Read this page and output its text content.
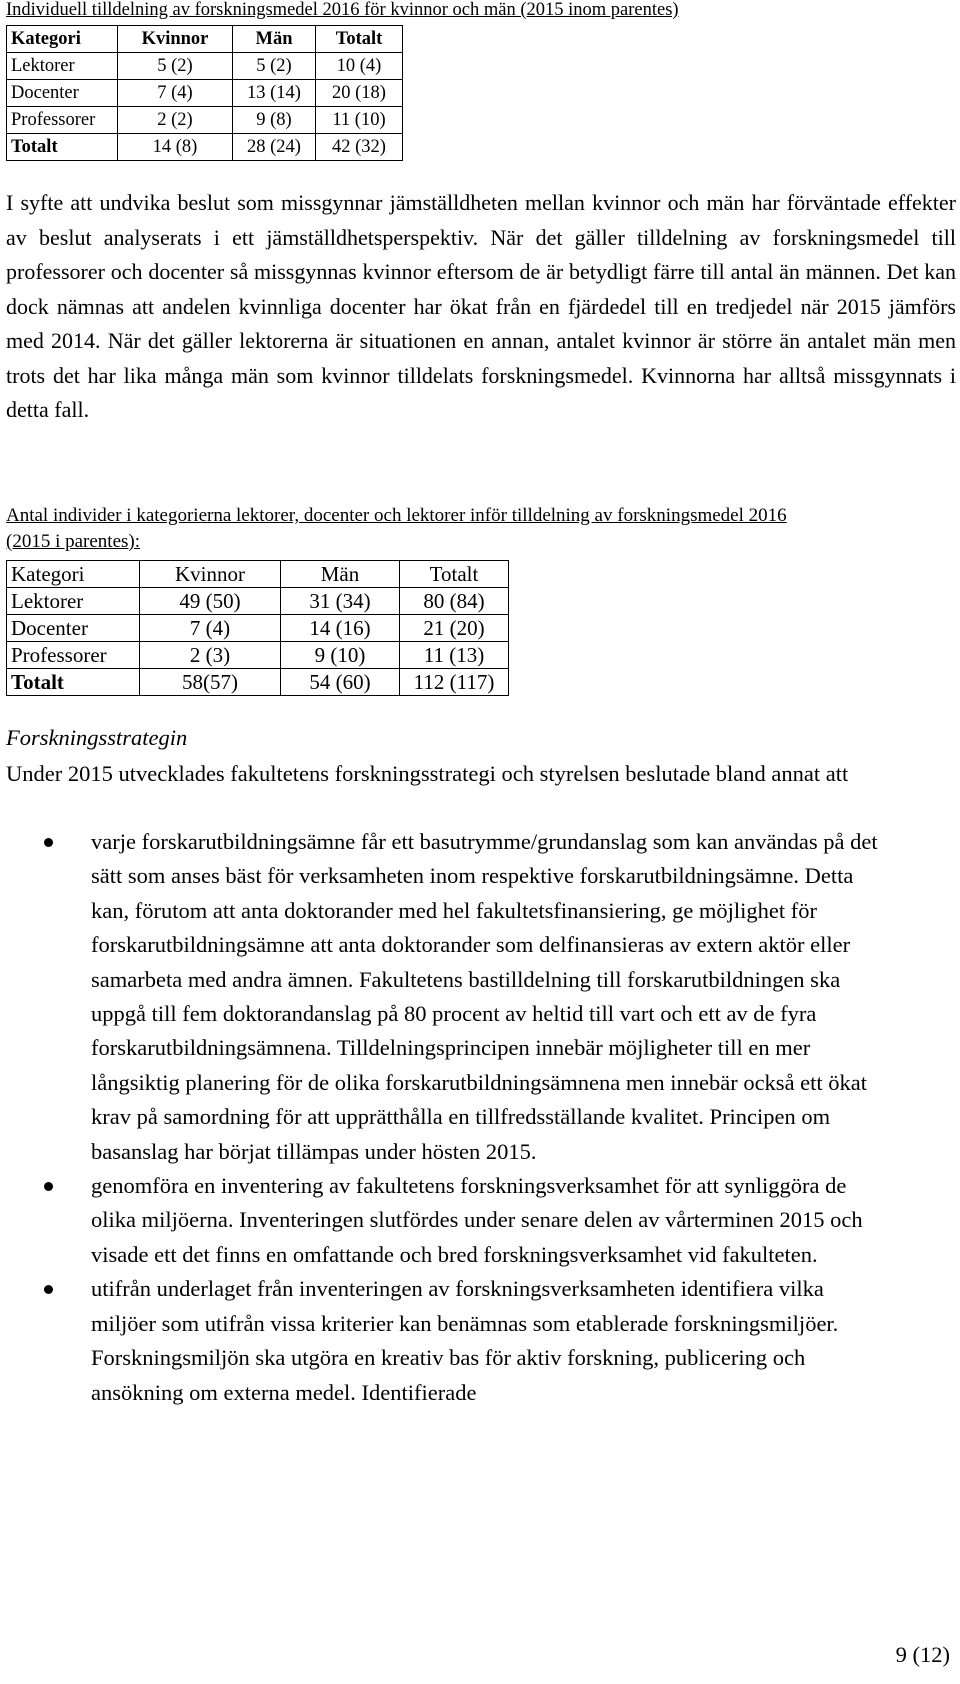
Individuell tilldelning av forskningsmedel 2016 för kvinnor och män (2015 inom parentes)
Kategori	Kvinnor	Män	Totalt
Lektorer	5 (2)	5 (2)	10 (4)
Docenter	7 (4)	13 (14)	20 (18)
Professorer	2 (2)	9 (8)	11 (10)
Totalt	14 (8)	28 (24)	42 (32)
I syfte att undvika beslut som missgynnar jämställdheten mellan kvinnor och män har förväntade effekter av beslut analyserats i ett jämställdhetsperspektiv. När det gäller tilldelning av forskningsmedel till professorer och docenter så missgynnas kvinnor eftersom de är betydligt färre till antal än männen. Det kan dock nämnas att andelen kvinnliga docenter har ökat från en fjärdedel till en tredjedel när 2015 jämförs med 2014. När det gäller lektorerna är situationen en annan, antalet kvinnor är större än antalet män men trots det har lika många män som kvinnor tilldelats forskningsmedel. Kvinnorna har alltså missgynnats i detta fall.
Antal individer i kategorierna lektorer, docenter och lektorer inför tilldelning av forskningsmedel 2016
(2015 i parentes):
Kategori	Kvinnor	Män	Totalt
Lektorer	49 (50)	31 (34)	80 (84)
Docenter	7 (4)	14 (16)	21 (20)
Professorer	2 (3)	9 (10)	11 (13)
Totalt	58(57)	54 (60)	112 (117)
Forskningsstrategin
Under 2015 utvecklades fakultetens forskningsstrategi och styrelsen beslutade bland annat att
varje forskarutbildningsämne får ett basutrymme/grundanslag som kan användas på det sätt som anses bäst för verksamheten inom respektive forskarutbildningsämne. Detta kan, förutom att anta doktorander med hel fakultetsfinansiering, ge möjlighet för forskarutbildningsämne att anta doktorander som delfinansieras av extern aktör eller samarbeta med andra ämnen. Fakultetens bastilldelning till forskarutbildningen ska uppgå till fem doktorandanslag på 80 procent av heltid till vart och ett av de fyra forskarutbildningsämnena. Tilldelningsprincipen innebär möjligheter till en mer långsiktig planering för de olika forskarutbildningsämnena men innebär också ett ökat krav på samordning för att upprätthålla en tillfredsställande kvalitet. Principen om basanslag har börjat tillämpas under hösten 2015.
genomföra en inventering av fakultetens forskningsverksamhet för att synliggöra de olika miljöerna. Inventeringen slutfördes under senare delen av vårterminen 2015 och visade ett det finns en omfattande och bred forskningsverksamhet vid fakulteten.
utifrån underlaget från inventeringen av forskningsverksamheten identifiera vilka miljöer som utifrån vissa kriterier kan benämnas som etablerade forskningsmiljöer. Forskningsmiljön ska utgöra en kreativ bas för aktiv forskning, publicering och ansökning om externa medel. Identifierade
9 (12)
